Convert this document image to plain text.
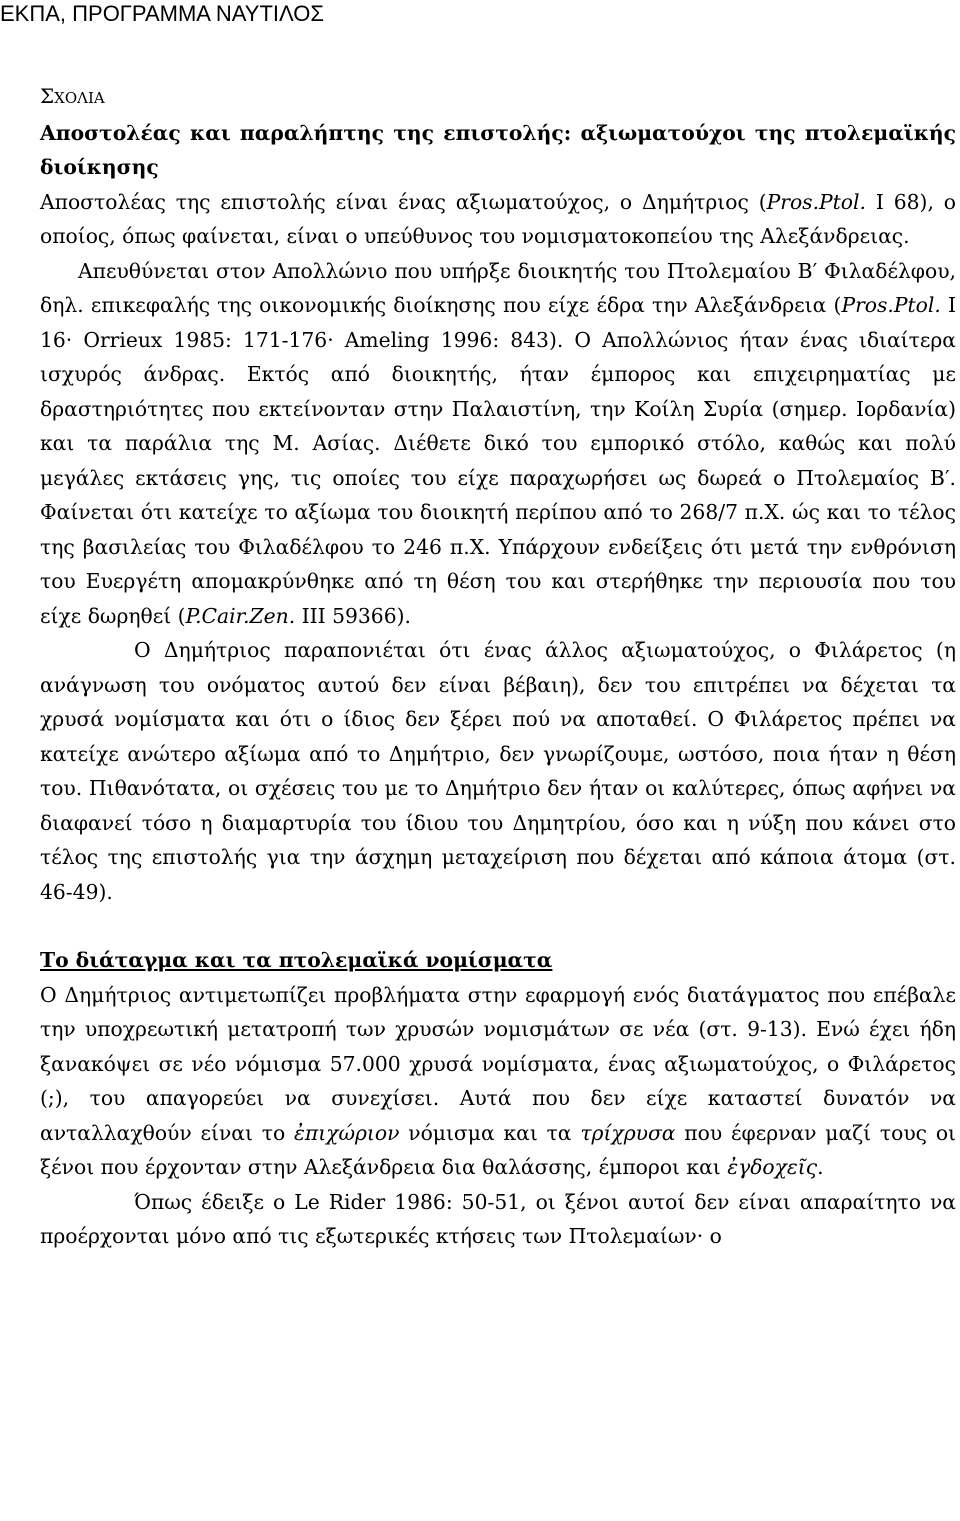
ΕΚΠΑ, ΠΡΟΓΡΑΜΜΑ ΝΑΥΤΙΛΟΣ
ΣΧΟΛΙΑ

Αποστολέας και παραλήπτης της επιστολής: αξιωματούχοι της πτολεμαϊκής διοίκησης

Αποστολέας της επιστολής είναι ένας αξιωματούχος, ο Δημήτριος (Pros.Ptol. I 68), ο οποίος, όπως φαίνεται, είναι ο υπεύθυνος του νομισματοκοπείου της Αλεξάνδρειας.

Απευθύνεται στον Απολλώνιο που υπήρξε διοικητής του Πτολεμαίου Β′ Φιλαδέλφου, δηλ. επικεφαλής της οικονομικής διοίκησης που είχε έδρα την Αλεξάνδρεια (Pros.Ptol. I 16· Orrieux 1985: 171-176· Ameling 1996: 843). Ο Απολλώνιος ήταν ένας ιδιαίτερα ισχυρός άνδρας. Εκτός από διοικητής, ήταν έμπορος και επιχειρηματίας με δραστηριότητες που εκτείνονταν στην Παλαιστίνη, την Κοίλη Συρία (σημερ. Ιορδανία) και τα παράλια της Μ. Ασίας. Διέθετε δικό του εμπορικό στόλο, καθώς και πολύ μεγάλες εκτάσεις γης, τις οποίες του είχε παραχωρήσει ως δωρεά ο Πτολεμαίος Β′. Φαίνεται ότι κατείχε το αξίωμα του διοικητή περίπου από το 268/7 π.Χ. ώς και το τέλος της βασιλείας του Φιλαδέλφου το 246 π.Χ. Υπάρχουν ενδείξεις ότι μετά την ενθρόνιση του Ευεργέτη απομακρύνθηκε από τη θέση του και στερήθηκε την περιουσία που του είχε δωρηθεί (P.Cair.Zen. III 59366).

Ο Δημήτριος παραπονιέται ότι ένας άλλος αξιωματούχος, ο Φιλάρετος (η ανάγνωση του ονόματος αυτού δεν είναι βέβαιη), δεν του επιτρέπει να δέχεται τα χρυσά νομίσματα και ότι ο ίδιος δεν ξέρει πού να αποταθεί. Ο Φιλάρετος πρέπει να κατείχε ανώτερο αξίωμα από το Δημήτριο, δεν γνωρίζουμε, ωστόσο, ποια ήταν η θέση του. Πιθανότατα, οι σχέσεις του με το Δημήτριο δεν ήταν οι καλύτερες, όπως αφήνει να διαφανεί τόσο η διαμαρτυρία του ίδιου του Δημητρίου, όσο και η νύξη που κάνει στο τέλος της επιστολής για την άσχημη μεταχείριση που δέχεται από κάποια άτομα (στ. 46-49).

Το διάταγμα και τα πτολεμαϊκά νομίσματα

Ο Δημήτριος αντιμετωπίζει προβλήματα στην εφαρμογή ενός διατάγματος που επέβαλε την υποχρεωτική μετατροπή των χρυσών νομισμάτων σε νέα (στ. 9-13). Ενώ έχει ήδη ξανακόψει σε νέο νόμισμα 57.000 χρυσά νομίσματα, ένας αξιωματούχος, ο Φιλάρετος (;), του απαγορεύει να συνεχίσει. Αυτά που δεν είχε καταστεί δυνατόν να ανταλλαχθούν είναι το ἐπιχώριον νόμισμα και τα τρίχρυσα που έφερναν μαζί τους οι ξένοι που έρχονταν στην Αλεξάνδρεια δια θαλάσσης, έμποροι και ἐγδοχεῖς.

Όπως έδειξε ο Le Rider 1986: 50-51, οι ξένοι αυτοί δεν είναι απαραίτητο να προέρχονται μόνο από τις εξωτερικές κτήσεις των Πτολεμαίων· ο
